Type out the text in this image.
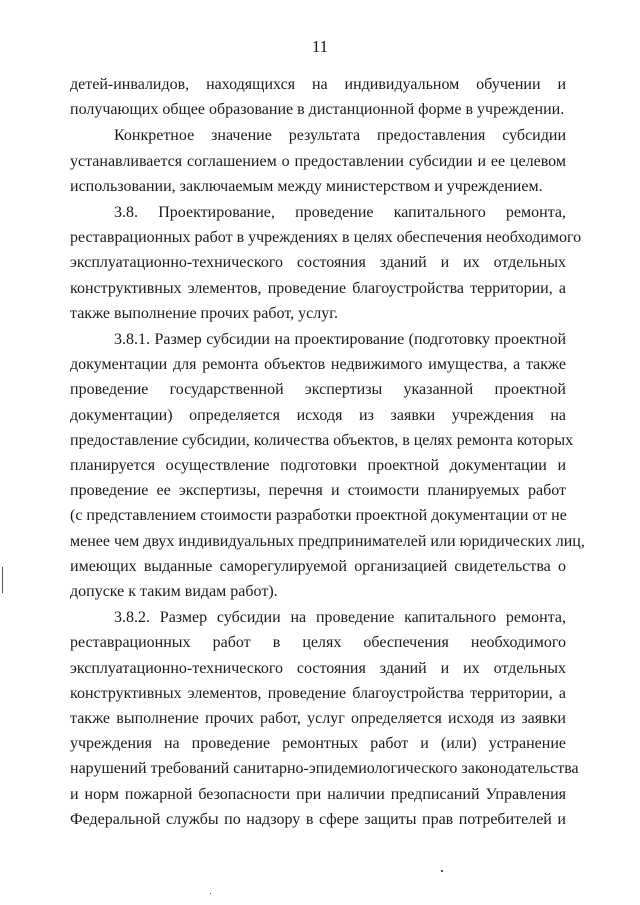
11
детей-инвалидов, находящихся на индивидуальном обучении и
получающих общее образование в дистанционной форме в учреждении.
Конкретное значение результата предоставления субсидии
устанавливается соглашением о предоставлении субсидии и ее целевом
использовании, заключаемым между министерством и учреждением.
3.8. Проектирование, проведение капитального ремонта,
реставрационных работ в учреждениях в целях обеспечения необходимого
эксплуатационно-технического состояния зданий и их отдельных
конструктивных элементов, проведение благоустройства территории, а
также выполнение прочих работ, услуг.
3.8.1. Размер субсидии на проектирование (подготовку проектной
документации для ремонта объектов недвижимого имущества, а также
проведение государственной экспертизы указанной проектной
документации) определяется исходя из заявки учреждения на
предоставление субсидии, количества объектов, в целях ремонта которых
планируется осуществление подготовки проектной документации и
проведение ее экспертизы, перечня и стоимости планируемых работ
(с представлением стоимости разработки проектной документации от не
менее чем двух индивидуальных предпринимателей или юридических лиц,
имеющих выданные саморегулируемой организацией свидетельства о
допуске к таким видам работ).
3.8.2. Размер субсидии на проведение капитального ремонта,
реставрационных работ в целях обеспечения необходимого
эксплуатационно-технического состояния зданий и их отдельных
конструктивных элементов, проведение благоустройства территории, а
также выполнение прочих работ, услуг определяется исходя из заявки
учреждения на проведение ремонтных работ и (или) устранение
нарушений требований санитарно-эпидемиологического законодательства
и норм пожарной безопасности при наличии предписаний Управления
Федеральной службы по надзору в сфере защиты прав потребителей и
